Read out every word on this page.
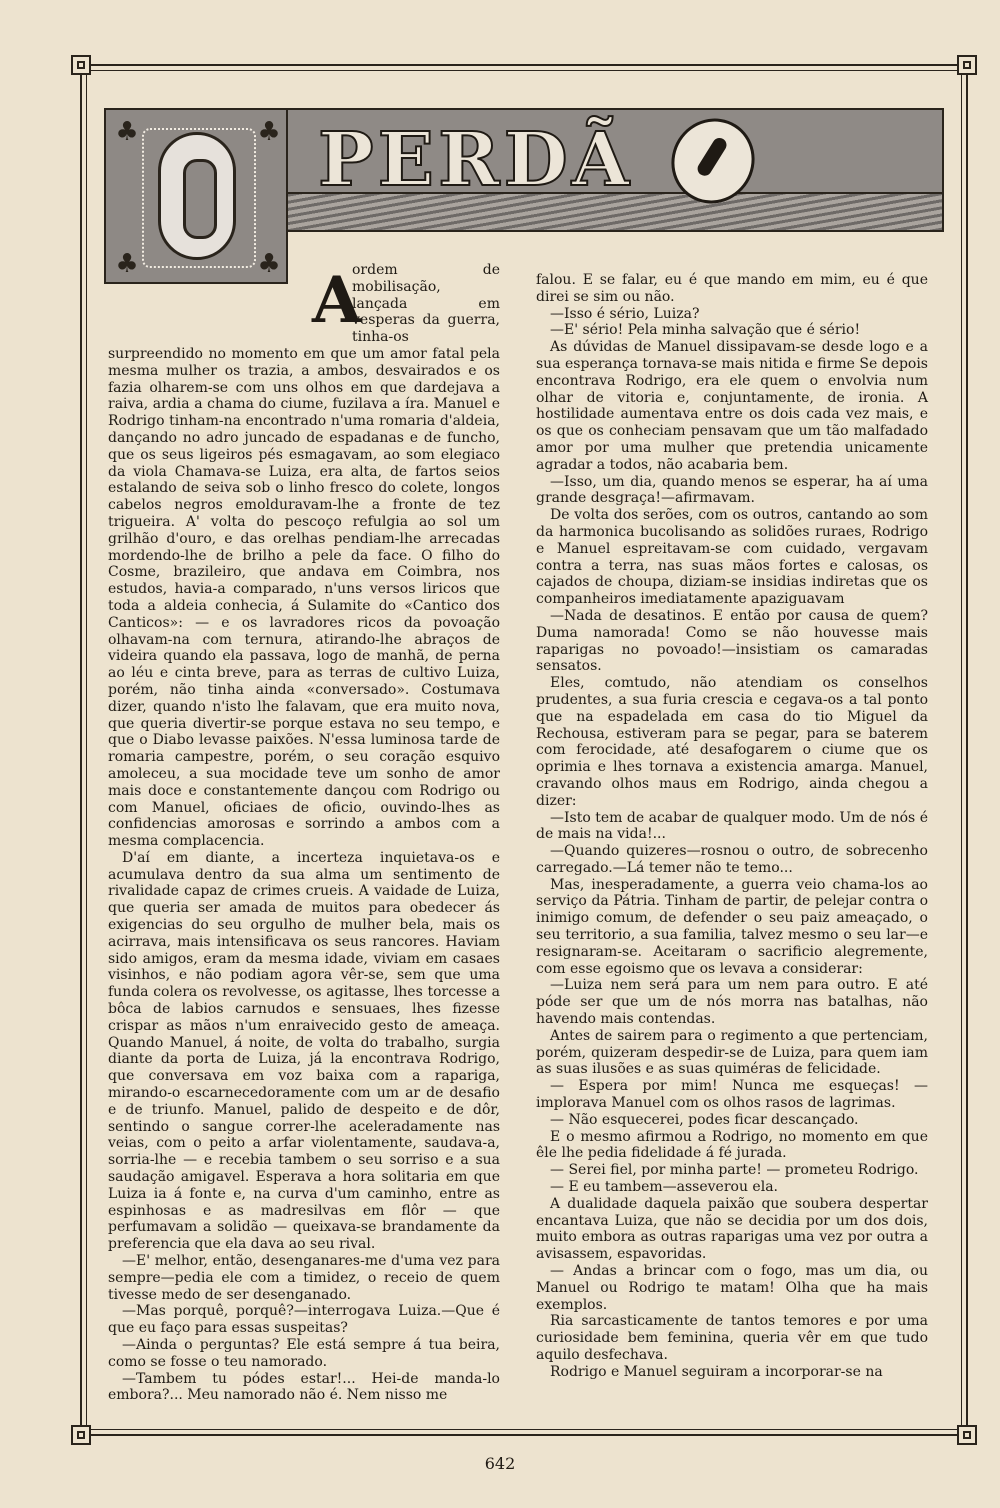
♣	♣
♣	♣
P E R D Ã

A
ordem de mobilisação, lançada em vesperas da guerra, tinha-os surpreendido no momento em que um amor fatal pela mesma mulher os trazia, a ambos, desvairados e os fazia olharem-se com uns olhos em que dardejava a raiva, ardia a chama do ciume, fuzilava a íra. Manuel e Rodrigo tinham-na encontrado n'uma romaria d'aldeia, dançando no adro juncado de espadanas e de funcho, que os seus ligeiros pés esmagavam, ao som elegiaco da viola Chamava-se Luiza, era alta, de fartos seios estalando de seiva sob o linho fresco do colete, longos cabelos negros emolduravam-lhe a fronte de tez trigueira. A' volta do pescoço refulgia ao sol um grilhão d'ouro, e das orelhas pendiam-lhe arrecadas mordendo-lhe de brilho a pele da face. O filho do Cosme, brazileiro, que andava em Coimbra, nos estudos, havia-a comparado, n'uns versos liricos que toda a aldeia conhecia, á Sulamite do «Cantico dos Canticos»: — e os lavradores ricos da povoação olhavam-na com ternura, atirando-lhe abraços de videira quando ela passava, logo de manhã, de perna ao léu e cinta breve, para as terras de cultivo Luiza, porém, não tinha ainda «conversado». Costumava dizer, quando n'isto lhe falavam, que era muito nova, que queria divertir-se porque estava no seu tempo, e que o Diabo levasse paixões. N'essa luminosa tarde de romaria campestre, porém, o seu coração esquivo amoleceu, a sua mocidade teve um sonho de amor mais doce e constantemente dançou com Rodrigo ou com Manuel, oficiaes de oficio, ouvindo-lhes as confidencias amorosas e sorrindo a ambos com a mesma complacencia.

D'aí em diante, a incerteza inquietava-os e acumulava dentro da sua alma um sentimento de rivalidade capaz de crimes crueis. A vaidade de Luiza, que queria ser amada de muitos para obedecer ás exigencias do seu orgulho de mulher bela, mais os acirrava, mais intensificava os seus rancores. Haviam sido amigos, eram da mesma idade, viviam em casaes visinhos, e não podiam agora vêr-se, sem que uma funda colera os revolvesse, os agitasse, lhes torcesse a bôca de labios carnudos e sensuaes, lhes fizesse crispar as mãos n'um enraivecido gesto de ameaça. Quando Manuel, á noite, de volta do trabalho, surgia diante da porta de Luiza, já la encontrava Rodrigo, que conversava em voz baixa com a rapariga, mirando-o escarnecedoramente com um ar de desafio e de triunfo. Manuel, palido de despeito e de dôr, sentindo o sangue correr-lhe aceleradamente nas veias, com o peito a arfar violentamente, saudava-a, sorria-lhe — e recebia tambem o seu sorriso e a sua saudação amigavel. Esperava a hora solitaria em que Luiza ia á fonte e, na curva d'um caminho, entre as espinhosas e as madresilvas em flôr — que perfumavam a solidão — queixava-se brandamente da preferencia que ela dava ao seu rival.

—E' melhor, então, desenganares-me d'uma vez para sempre—pedia ele com a timidez, o receio de quem tivesse medo de ser desenganado.

—Mas porquê, porquê?—interrogava Luiza.—Que é que eu faço para essas suspeitas?

—Ainda o perguntas? Ele está sempre á tua beira, como se fosse o teu namorado.

—Tambem tu pódes estar!... Hei-de manda-lo embora?... Meu namorado não é. Nem nisso me

falou. E se falar, eu é que mando em mim, eu é que direi se sim ou não.

—Isso é sério, Luiza?

—E' sério! Pela minha salvação que é sério!

As dúvidas de Manuel dissipavam-se desde logo e a sua esperança tornava-se mais nitida e firme Se depois encontrava Rodrigo, era ele quem o envolvia num olhar de vitoria e, conjuntamente, de ironia. A hostilidade aumentava entre os dois cada vez mais, e os que os conheciam pensavam que um tão malfadado amor por uma mulher que pretendia unicamente agradar a todos, não acabaria bem.

—Isso, um dia, quando menos se esperar, ha aí uma grande desgraça!—afirmavam.

De volta dos serões, com os outros, cantando ao som da harmonica bucolisando as solidões ruraes, Rodrigo e Manuel espreitavam-se com cuidado, vergavam contra a terra, nas suas mãos fortes e calosas, os cajados de choupa, diziam-se insidias indiretas que os companheiros imediatamente apaziguavam

—Nada de desatinos. E então por causa de quem? Duma namorada! Como se não houvesse mais raparigas no povoado!—insistiam os camaradas sensatos.

Eles, comtudo, não atendiam os conselhos prudentes, a sua furia crescia e cegava-os a tal ponto que na espadelada em casa do tio Miguel da Rechousa, estiveram para se pegar, para se baterem com ferocidade, até desafogarem o ciume que os oprimia e lhes tornava a existencia amarga. Manuel, cravando olhos maus em Rodrigo, ainda chegou a dizer:

—Isto tem de acabar de qualquer modo. Um de nós é de mais na vida!...

—Quando quizeres—rosnou o outro, de sobrecenho carregado.—Lá temer não te temo...

Mas, inesperadamente, a guerra veio chama-los ao serviço da Pátria. Tinham de partir, de pelejar contra o inimigo comum, de defender o seu paiz ameaçado, o seu territorio, a sua familia, talvez mesmo o seu lar—e resignaram-se. Aceitaram o sacrificio alegremente, com esse egoismo que os levava a considerar:

—Luiza nem será para um nem para outro. E até póde ser que um de nós morra nas batalhas, não havendo mais contendas.

Antes de sairem para o regimento a que pertenciam, porém, quizeram despedir-se de Luiza, para quem iam as suas ilusões e as suas quiméras de felicidade.

— Espera por mim! Nunca me esqueças! — implorava Manuel com os olhos rasos de lagrimas.

— Não esquecerei, podes ficar descançado.

E o mesmo afirmou a Rodrigo, no momento em que êle lhe pedia fidelidade á fé jurada.

— Serei fiel, por minha parte! — prometeu Rodrigo.

— E eu tambem—asseverou ela.

A dualidade daquela paixão que soubera despertar encantava Luiza, que não se decidia por um dos dois, muito embora as outras raparigas uma vez por outra a avisassem, espavoridas.

— Andas a brincar com o fogo, mas um dia, ou Manuel ou Rodrigo te matam! Olha que ha mais exemplos.

Ria sarcasticamente de tantos temores e por uma curiosidade bem feminina, queria vêr em que tudo aquilo desfechava.

Rodrigo e Manuel seguiram a incorporar-se na

642
